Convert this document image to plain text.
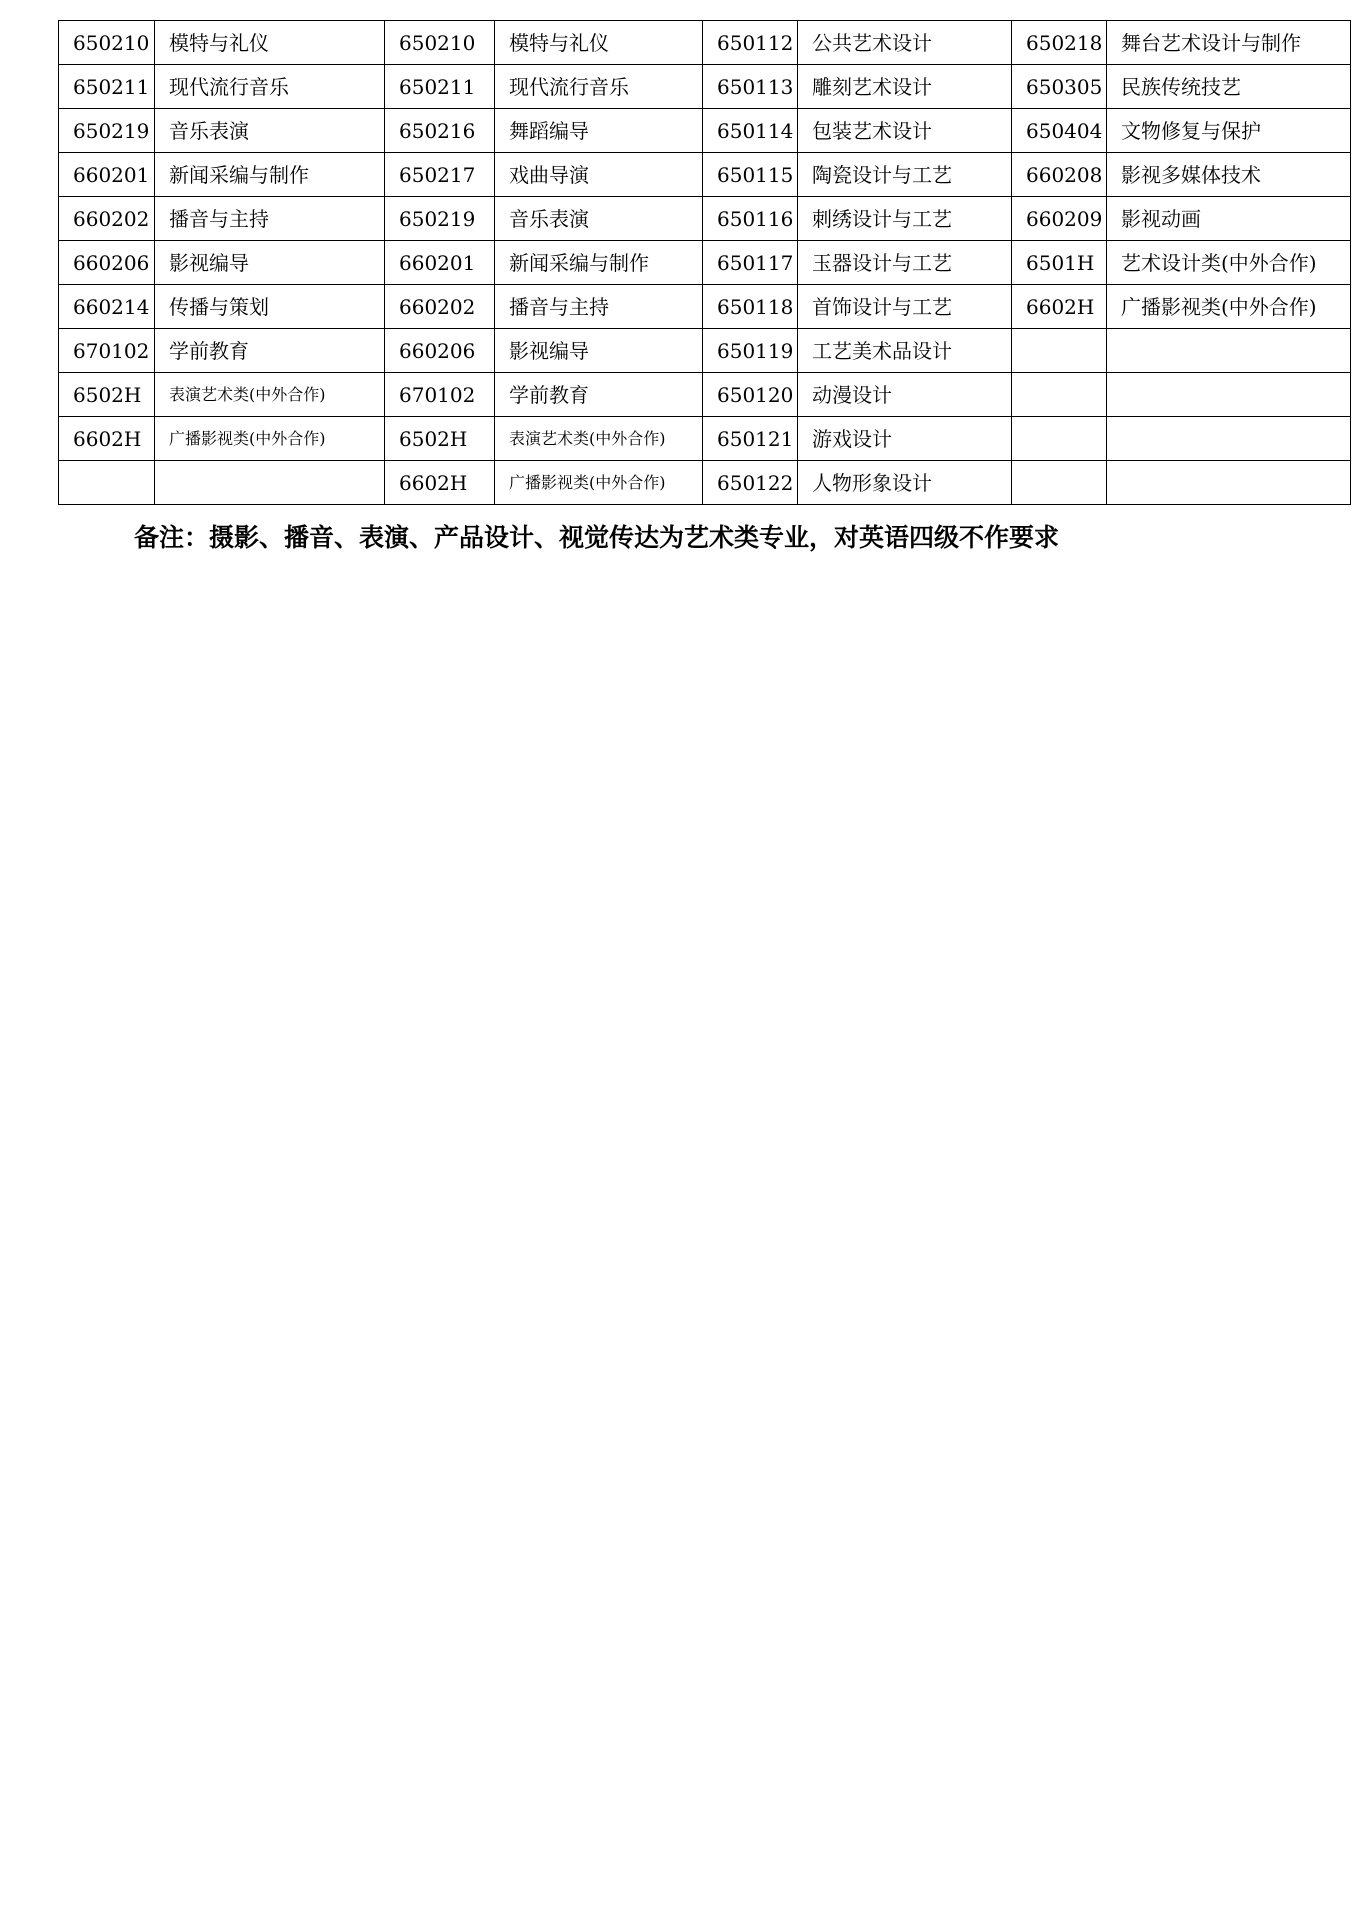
650210	模特与礼仪	650210	模特与礼仪	650112	公共艺术设计	650218	舞台艺术设计与制作
650211	现代流行音乐	650211	现代流行音乐	650113	雕刻艺术设计	650305	民族传统技艺
650219	音乐表演	650216	舞蹈编导	650114	包装艺术设计	650404	文物修复与保护
660201	新闻采编与制作	650217	戏曲导演	650115	陶瓷设计与工艺	660208	影视多媒体技术
660202	播音与主持	650219	音乐表演	650116	刺绣设计与工艺	660209	影视动画
660206	影视编导	660201	新闻采编与制作	650117	玉器设计与工艺	6501H	艺术设计类(中外合作)
660214	传播与策划	660202	播音与主持	650118	首饰设计与工艺	6602H	广播影视类(中外合作)
670102	学前教育	660206	影视编导	650119	工艺美术品设计		
6502H	表演艺术类(中外合作)	670102	学前教育	650120	动漫设计		
6602H	广播影视类(中外合作)	6502H	表演艺术类(中外合作)	650121	游戏设计		
		6602H	广播影视类(中外合作)	650122	人物形象设计		
备注：摄影、播音、表演、产品设计、视觉传达为艺术类专业，对英语四级不作要求
